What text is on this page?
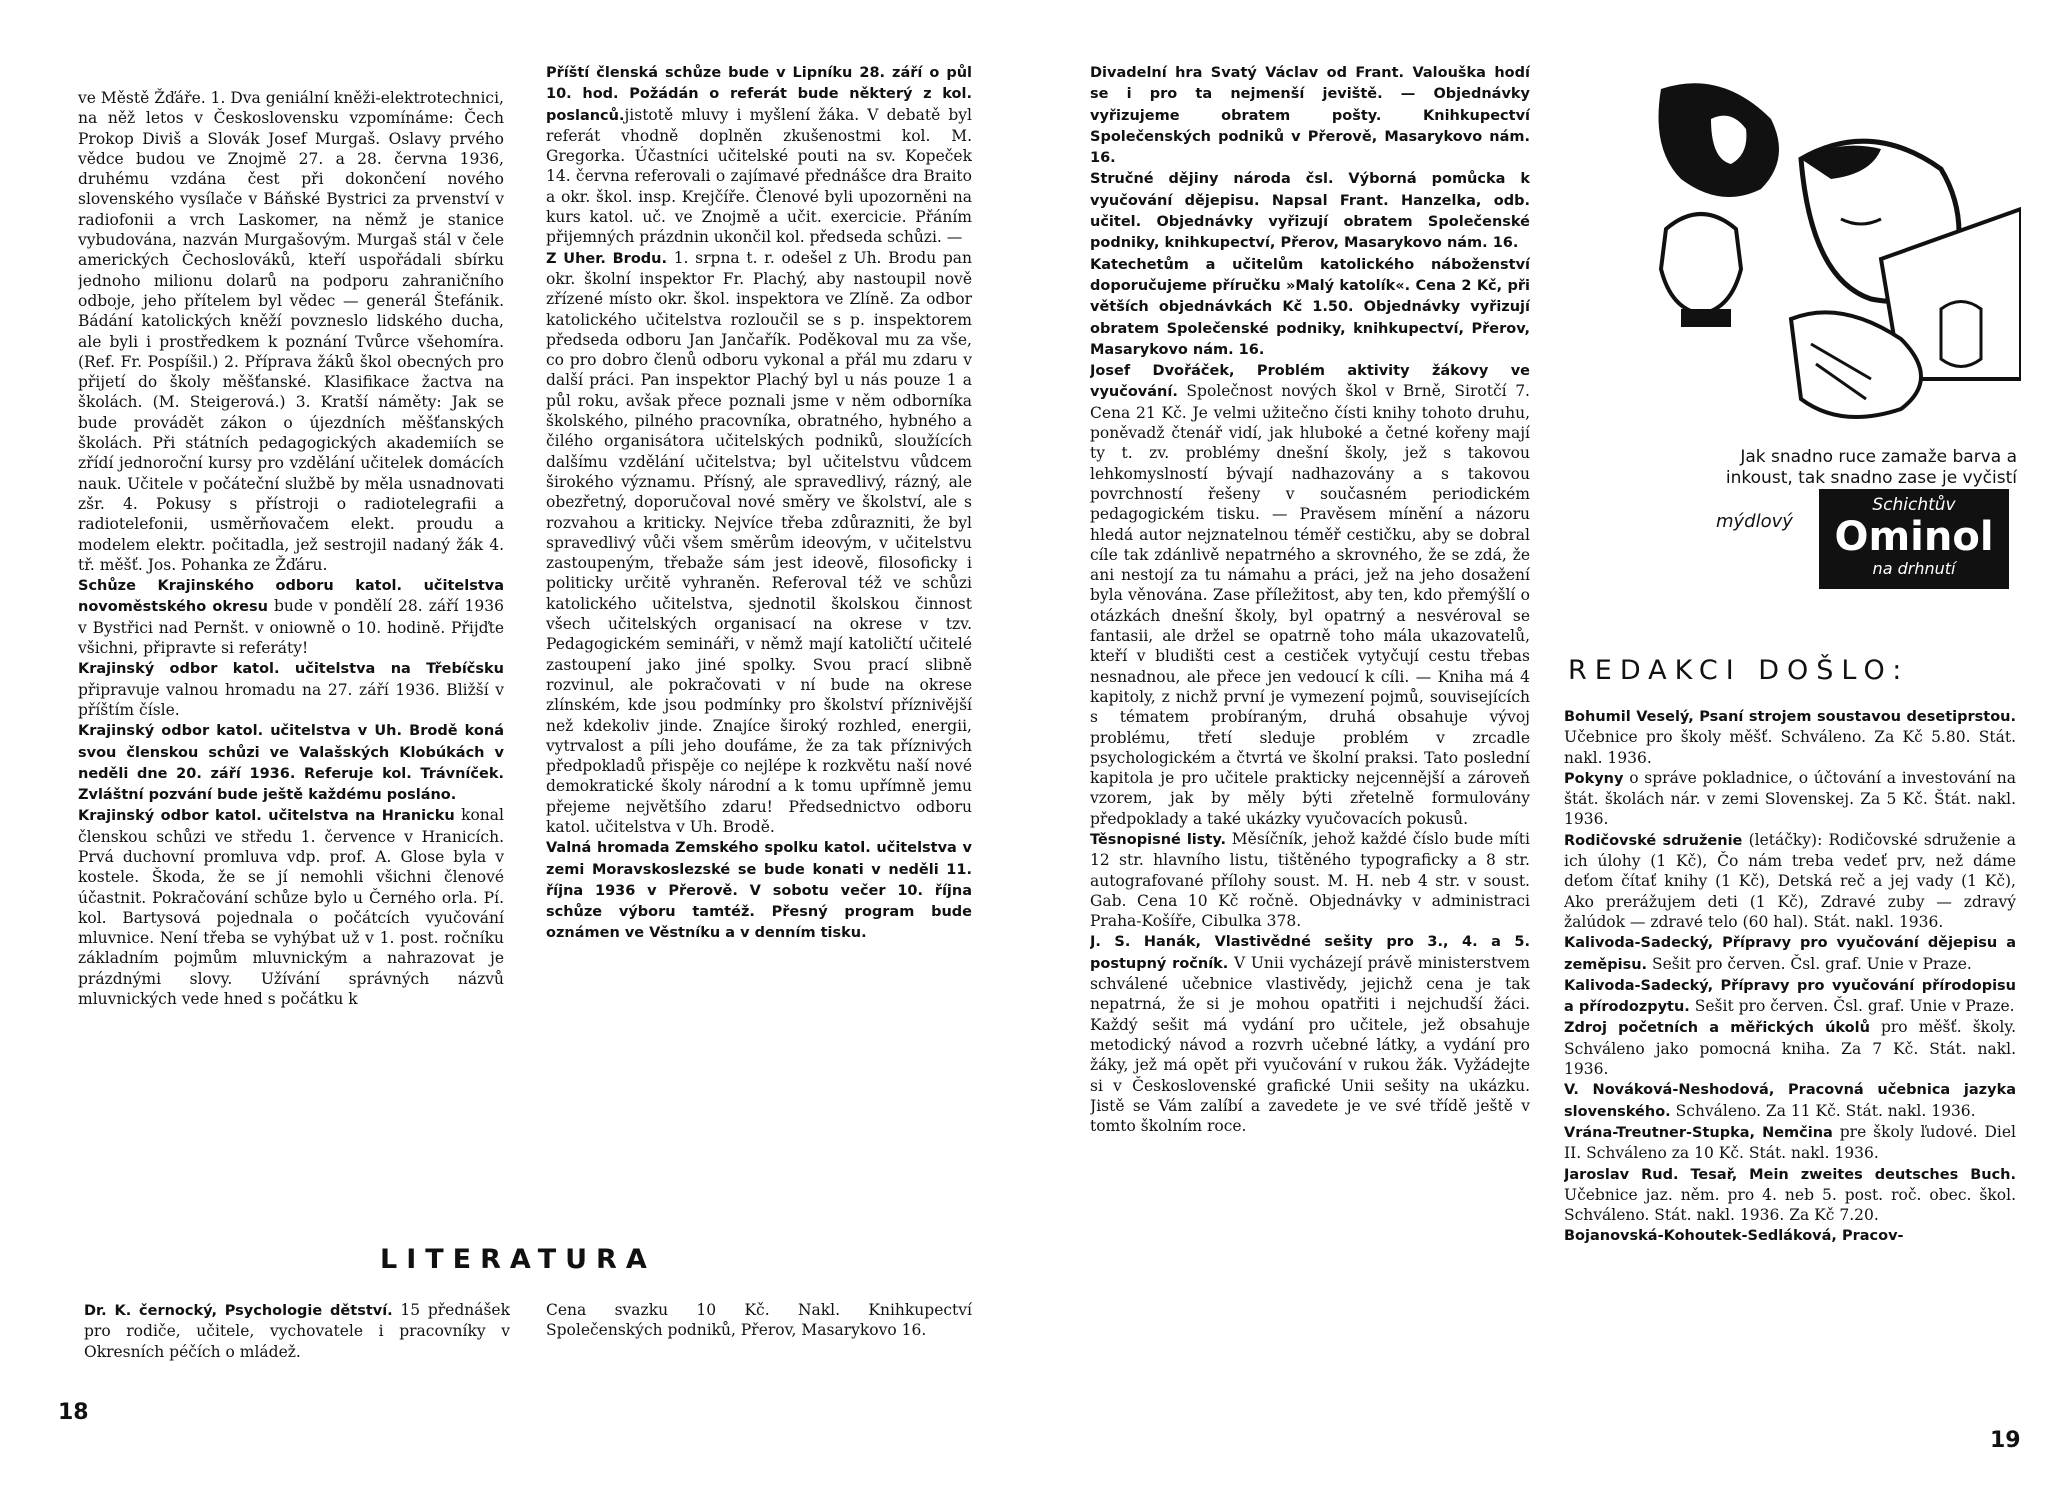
ve Městě Žďáře. 1. Dva geniální kněži-elektrotechnici, na něž letos v Československu vzpomínáme: Čech Prokop Diviš a Slovák Josef Murgaš. Oslavy prvého vědce budou ve Znojmě 27. a 28. června 1936, druhému vzdána čest při dokončení nového slovenského vysílače v Báňské Bystrici za prvenství v radiofonii a vrch Laskomer, na němž je stanice vybudována, nazván Murgašovým. Murgaš stál v čele amerických Čechoslováků, kteří uspořádali sbírku jednoho milionu dolarů na podporu zahraničního odboje, jeho přítelem byl vědec — generál Štefánik. Bádání katolických kněží povzneslo lidského ducha, ale byli i prostředkem k poznání Tvůrce všehomíra. (Ref. Fr. Pospíšil.) 2. Příprava žáků škol obecných pro přijetí do školy měšťanské. Klasifikace žactva na školách. (M. Steigerová.) 3. Kratší náměty: Jak se bude provádět zákon o újezdních měšťanských školách. Při státních pedagogických akademiích se zřídí jednoroční kursy pro vzdělání učitelek domácích nauk. Učitele v počáteční službě by měla usnadnovati zšr. 4. Pokusy s přístroji o radiotelegrafii a radiotelefonii, usměrňovačem elekt. proudu a modelem elektr. počitadla, jež sestrojil nadaný žák 4. tř. měšť. Jos. Pohanka ze Žďáru.

Schůze Krajinského odboru katol. učitelstva novoměstského okresu bude v pondělí 28. září 1936 v Bystřici nad Pernšt. v oniowně o 10. hodině. Přijďte všichni, připravte si referáty!

Krajinský odbor katol. učitelstva na Třebíčsku připravuje valnou hromadu na 27. září 1936. Bližší v příštím čísle.

Krajinský odbor katol. učitelstva v Uh. Brodě koná svou členskou schůzi ve Valašských Klobúkách v neděli dne 20. září 1936. Referuje kol. Trávníček. Zvláštní pozvání bude ještě každému posláno.

Krajinský odbor katol. učitelstva na Hranicku konal členskou schůzi ve středu 1. července v Hranicích. Prvá duchovní promluva vdp. prof. A. Glose byla v kostele. Škoda, že se jí nemohli všichni členové účastnit. Pokračování schůze bylo u Černého orla. Pí. kol. Bartysová pojednala o počátcích vyučování mluvnice. Není třeba se vyhýbat už v 1. post. ročníku základním pojmům mluvnickým a nahrazovat je prázdnými slovy. Užívání správných názvů mluvnických vede hned s počátku k

Příští členská schůze bude v Lipníku 28. září o půl 10. hod. Požádán o referát bude některý z kol. poslanců.jistotě mluvy i myšlení žáka. V debatě byl referát vhodně doplněn zkušenostmi kol. M. Gregorka. Účastníci učitelské pouti na sv. Kopeček 14. června referovali o zajímavé přednášce dra Braito a okr. škol. insp. Krejčíře. Členové byli upozorněni na kurs katol. uč. ve Znojmě a učit. exercicie. Přáním přijemných prázdnin ukončil kol. předseda schůzi. —

Z Uher. Brodu. 1. srpna t. r. odešel z Uh. Brodu pan okr. školní inspektor Fr. Plachý, aby nastoupil nově zřízené místo okr. škol. inspektora ve Zlíně. Za odbor katolického učitelstva rozloučil se s p. inspektorem předseda odboru Jan Jančařík. Poděkoval mu za vše, co pro dobro členů odboru vykonal a přál mu zdaru v další práci. Pan inspektor Plachý byl u nás pouze 1 a půl roku, avšak přece poznali jsme v něm odborníka školského, pilného pracovníka, obratného, hybného a čilého organisátora učitelských podniků, sloužících dalšímu vzdělání učitelstva; byl učitelstvu vůdcem širokého významu. Přísný, ale spravedlivý, rázný, ale obezřetný, doporučoval nové směry ve školství, ale s rozvahou a kriticky. Nejvíce třeba zdůrazniti, že byl spravedlivý vůči všem směrům ideovým, v učitelstvu zastoupeným, třebaže sám jest ideově, filosoficky i politicky určitě vyhraněn. Referoval též ve schůzi katolického učitelstva, sjednotil školskou činnost všech učitelských organisací na okrese v tzv. Pedagogickém semináři, v němž mají katoličtí učitelé zastoupení jako jiné spolky. Svou prací slibně rozvinul, ale pokračovati v ní bude na okrese zlínském, kde jsou podmínky pro školství příznivější než kdekoliv jinde. Znajíce široký rozhled, energii, vytrvalost a píli jeho doufáme, že za tak příznivých předpokladů přispěje co nejlépe k rozkvětu naší nové demokratické školy národní a k tomu upřímně jemu přejeme největšího zdaru! Předsednictvo odboru katol. učitelstva v Uh. Brodě.

Valná hromada Zemského spolku katol. učitelstva v zemi Moravskoslezské se bude konati v neděli 11. října 1936 v Přerově. V sobotu večer 10. října schůze výboru tamtéž. Přesný program bude oznámen ve Věstníku a v denním tisku.

LITERATURA
Dr. K. černocký, Psychologie dětství. 15 přednášek pro rodiče, učitele, vychovatele i pracovníky v Okresních péčích o mládež.
Cena svazku 10 Kč. Nakl. Knihkupectví Společenských podniků, Přerov, Masarykovo 16.
18

Divadelní hra Svatý Václav od Frant. Valouška hodí se i pro ta nejmenší jeviště. — Objednávky vyřizujeme obratem pošty. Knihkupectví Společenských podniků v Přerově, Masarykovo nám. 16.

Stručné dějiny národa čsl. Výborná pomůcka k vyučování dějepisu. Napsal Frant. Hanzelka, odb. učitel. Objednávky vyřizují obratem Společenské podniky, knihkupectví, Přerov, Masarykovo nám. 16.

Katechetům a učitelům katolického náboženství doporučujeme příručku »Malý katolík«. Cena 2 Kč, při větších objednávkách Kč 1.50. Objednávky vyřizují obratem Společenské podniky, knihkupectví, Přerov, Masarykovo nám. 16.

Josef Dvořáček, Problém aktivity žákovy ve vyučování. Společnost nových škol v Brně, Sirotčí 7. Cena 21 Kč. Je velmi užitečno čísti knihy tohoto druhu, poněvadž čtenář vidí, jak hluboké a četné kořeny mají ty t. zv. problémy dnešní školy, jež s takovou lehkomyslností bývají nadhazovány a s takovou povrchností řešeny v současném periodickém pedagogickém tisku. — Pravěsem mínění a názoru hledá autor nejznatelnou téměř cestičku, aby se dobral cíle tak zdánlivě nepatrného a skrovného, že se zdá, že ani nestojí za tu námahu a práci, jež na jeho dosažení byla věnována. Zase příležitost, aby ten, kdo přemýšlí o otázkách dnešní školy, byl opatrný a nesvéroval se fantasii, ale držel se opatrně toho mála ukazovatelů, kteří v bludišti cest a cestiček vytyčují cestu třebas nesnadnou, ale přece jen vedoucí k cíli. — Kniha má 4 kapitoly, z nichž první je vymezení pojmů, souvisejících s tématem probíraným, druhá obsahuje vývoj problému, třetí sleduje problém v zrcadle psychologickém a čtvrtá ve školní praksi. Tato poslední kapitola je pro učitele prakticky nejcennější a zároveň vzorem, jak by měly býti zřetelně formulovány předpoklady a také ukázky vyučovacích pokusů.

Těsnopisné listy. Měsíčník, jehož každé číslo bude míti 12 str. hlavního listu, tištěného typograficky a 8 str. autografované přílohy soust. M. H. neb 4 str. v soust. Gab. Cena 10 Kč ročně. Objednávky v administraci Praha-Košíře, Cibulka 378.

J. S. Hanák, Vlastivědné sešity pro 3., 4. a 5. postupný ročník. V Unii vycházejí právě ministerstvem schválené učebnice vlastivědy, jejichž cena je tak nepatrná, že si je mohou opatřiti i nejchudší žáci. Každý sešit má vydání pro učitele, jež obsahuje metodický návod a rozvrh učebné látky, a vydání pro žáky, jež má opět při vyučování v rukou žák. Vyžádejte si v Československé grafické Unii sešity na ukázku. Jistě se Vám zalíbí a zavedete je ve své třídě ještě v tomto školním roce.

Jak snadno ruce zamaže barva a
inkoust, tak snadno zase je vyčistí
mýdlový
Schichtův
Ominol
na drhnutí
REDAKCI DOŠLO:

Bohumil Veselý, Psaní strojem soustavou desetiprstou. Učebnice pro školy měšť. Schváleno. Za Kč 5.80. Stát. nakl. 1936.

Pokyny o správe pokladnice, o účtování a investování na štát. školách nár. v zemi Slovenskej. Za 5 Kč. Štát. nakl. 1936.

Rodičovské sdruženie (letáčky): Rodičovské sdruženie a ich úlohy (1 Kč), Čo nám treba vedeť prv, než dáme deťom čítať knihy (1 Kč), Detská reč a jej vady (1 Kč), Ako prerážujem deti (1 Kč), Zdravé zuby — zdravý žalúdok — zdravé telo (60 hal). Stát. nakl. 1936.

Kalivoda-Sadecký, Přípravy pro vyučování dějepisu a zeměpisu. Sešit pro červen. Čsl. graf. Unie v Praze.

Kalivoda-Sadecký, Přípravy pro vyučování přírodopisu a přírodozpytu. Sešit pro červen. Čsl. graf. Unie v Praze.

Zdroj početních a měřických úkolů pro měšť. školy. Schváleno jako pomocná kniha. Za 7 Kč. Stát. nakl. 1936.

V. Nováková-Neshodová, Pracovná učebnica jazyka slovenského. Schváleno. Za 11 Kč. Stát. nakl. 1936.

Vrána-Treutner-Stupka, Nemčina pre školy ľudové. Diel II. Schváleno za 10 Kč. Stát. nakl. 1936.

Jaroslav Rud. Tesař, Mein zweites deutsches Buch. Učebnice jaz. něm. pro 4. neb 5. post. roč. obec. škol. Schváleno. Stát. nakl. 1936. Za Kč 7.20.

Bojanovská-Kohoutek-Sedláková, Pracov-

19
